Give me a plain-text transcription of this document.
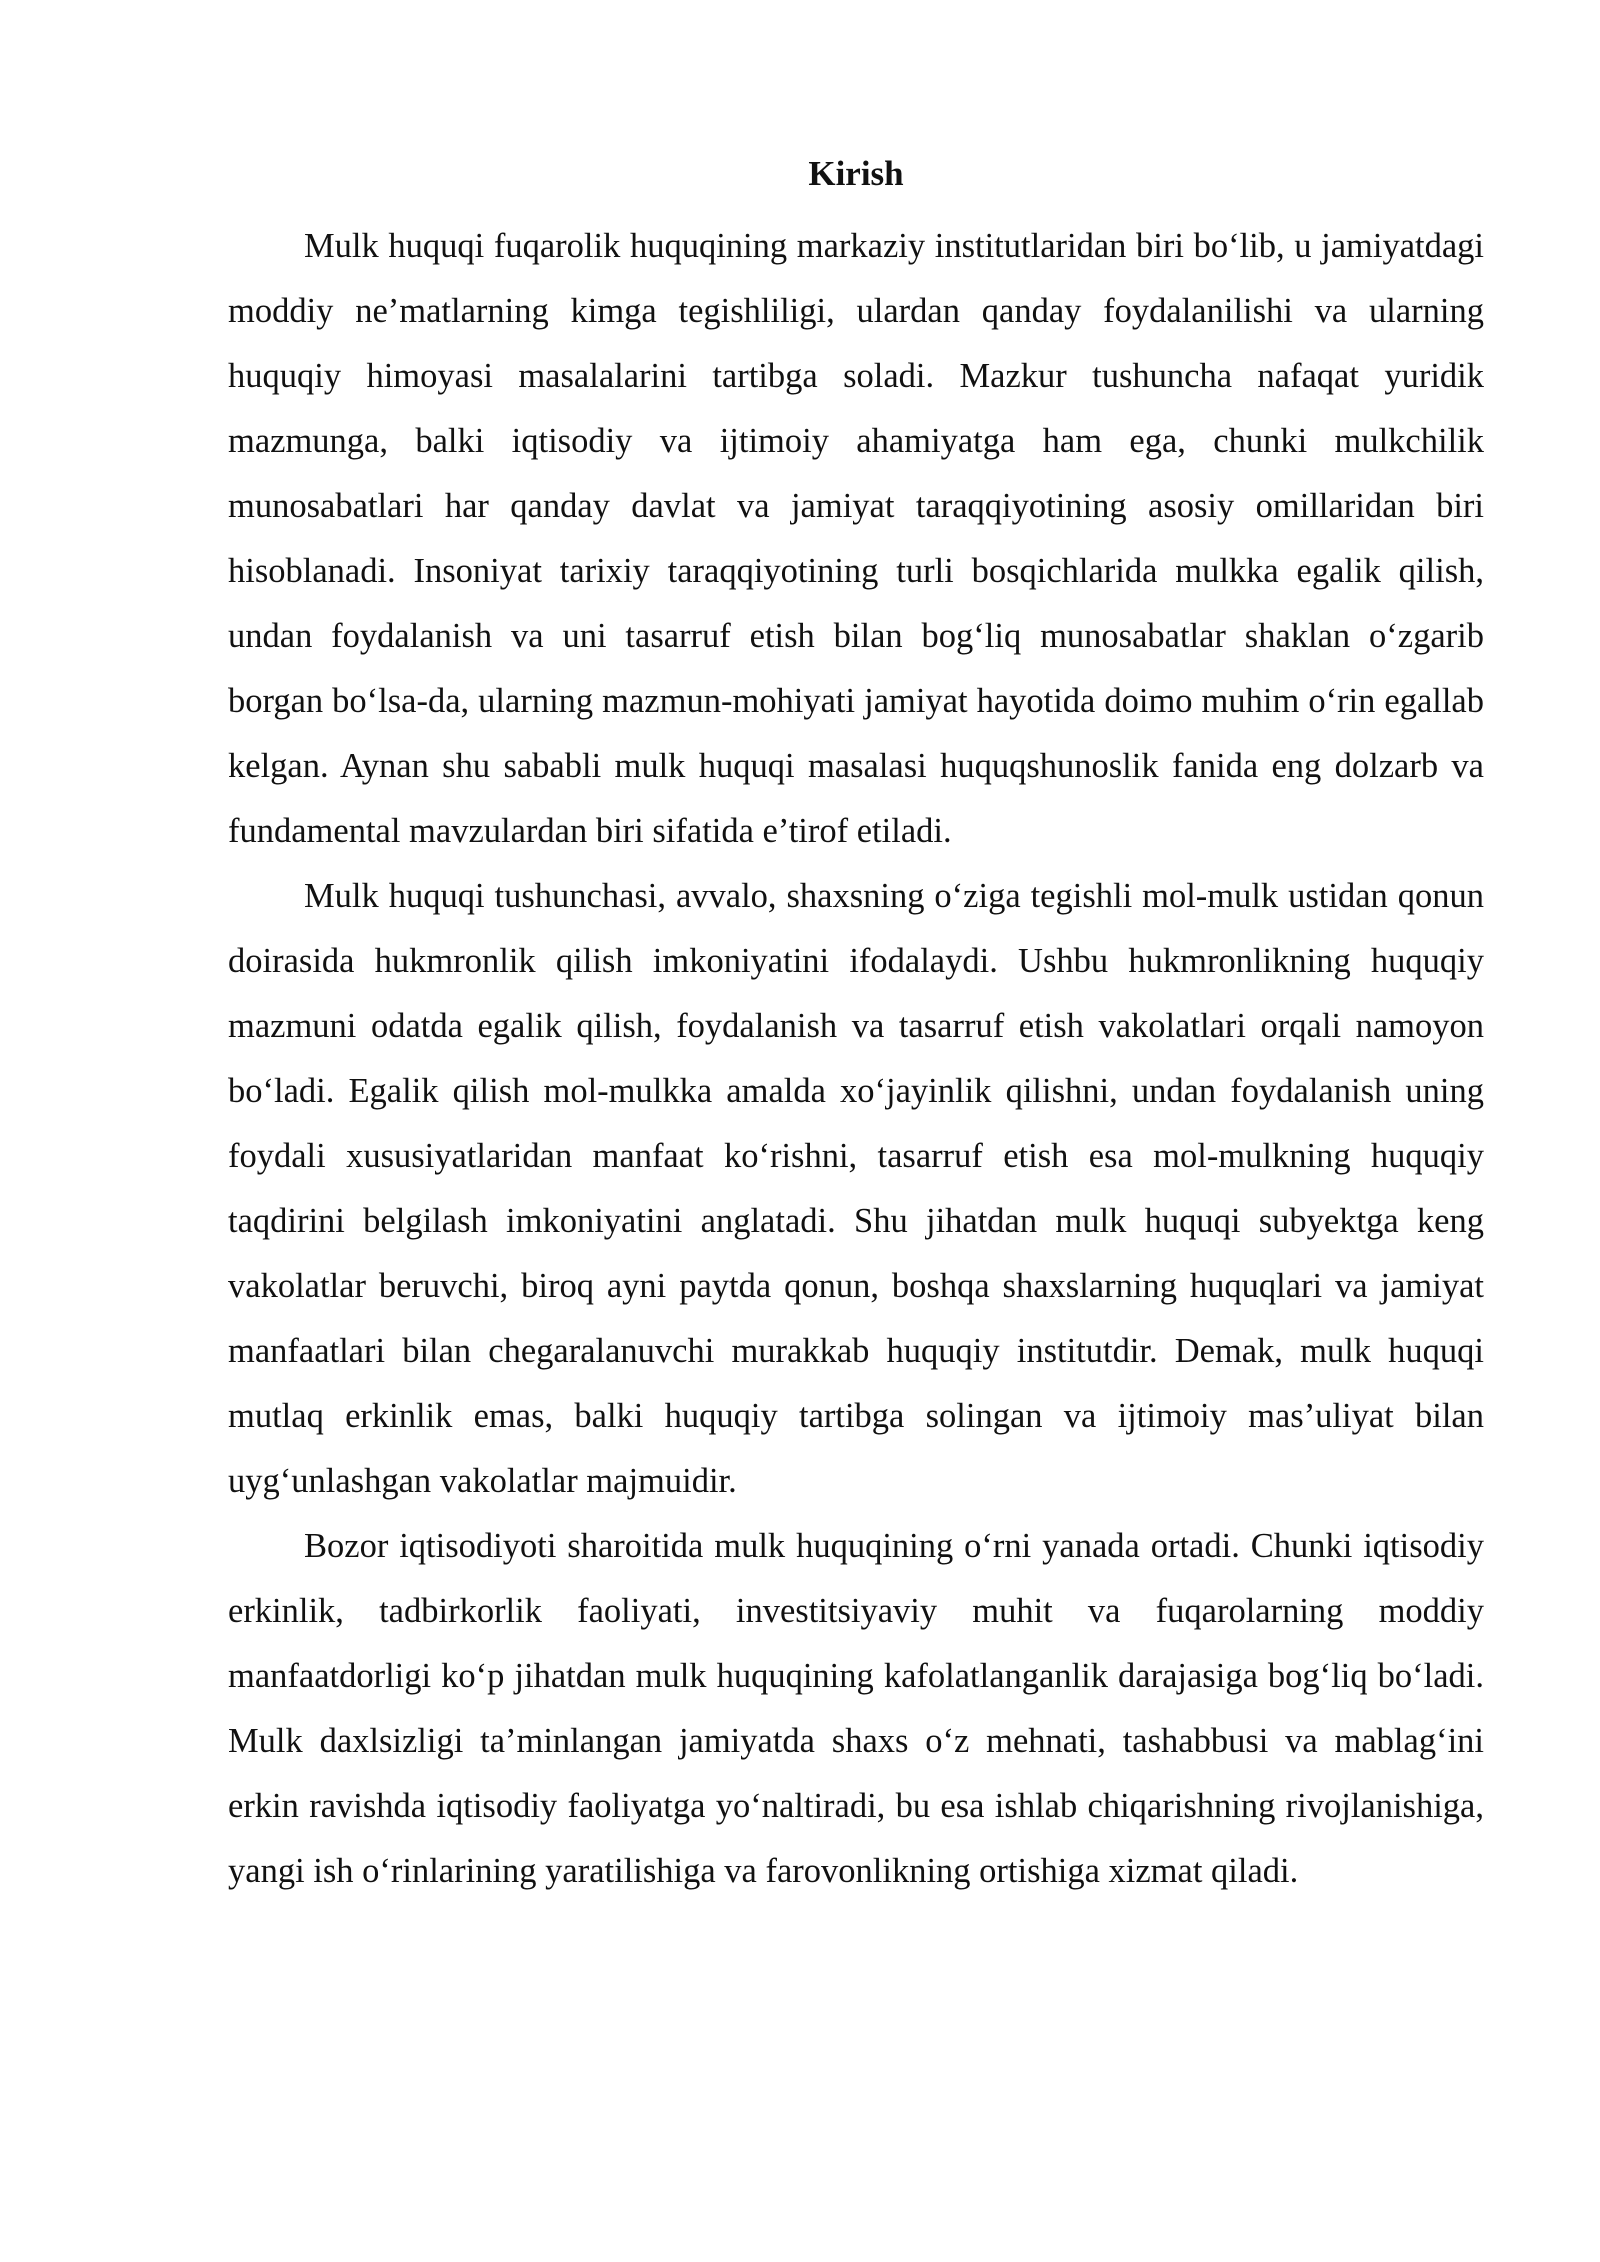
Kirish

Mulk huquqi fuqarolik huquqining markaziy institutlaridan biri bo‘lib, u jamiyatdagi moddiy ne’matlarning kimga tegishliligi, ulardan qanday foydalanilishi va ularning huquqiy himoyasi masalalarini tartibga soladi. Mazkur tushuncha nafaqat yuridik mazmunga, balki iqtisodiy va ijtimoiy ahamiyatga ham ega, chunki mulkchilik munosabatlari har qanday davlat va jamiyat taraqqiyotining asosiy omillaridan biri hisoblanadi. Insoniyat tarixiy taraqqiyotining turli bosqichlarida mulkka egalik qilish, undan foydalanish va uni tasarruf etish bilan bog‘liq munosabatlar shaklan o‘zgarib borgan bo‘lsa-da, ularning mazmun-mohiyati jamiyat hayotida doimo muhim o‘rin egallab kelgan. Aynan shu sababli mulk huquqi masalasi huquqshunoslik fanida eng dolzarb va fundamental mavzulardan biri sifatida e’tirof etiladi.

Mulk huquqi tushunchasi, avvalo, shaxsning o‘ziga tegishli mol-mulk ustidan qonun doirasida hukmronlik qilish imkoniyatini ifodalaydi. Ushbu hukmronlikning huquqiy mazmuni odatda egalik qilish, foydalanish va tasarruf etish vakolatlari orqali namoyon bo‘ladi. Egalik qilish mol-mulkka amalda xo‘jayinlik qilishni, undan foydalanish uning foydali xususiyatlaridan manfaat ko‘rishni, tasarruf etish esa mol-mulkning huquqiy taqdirini belgilash imkoniyatini anglatadi. Shu jihatdan mulk huquqi subyektga keng vakolatlar beruvchi, biroq ayni paytda qonun, boshqa shaxslarning huquqlari va jamiyat manfaatlari bilan chegaralanuvchi murakkab huquqiy institutdir. Demak, mulk huquqi mutlaq erkinlik emas, balki huquqiy tartibga solingan va ijtimoiy mas’uliyat bilan uyg‘unlashgan vakolatlar majmuidir.

Bozor iqtisodiyoti sharoitida mulk huquqining o‘rni yanada ortadi. Chunki iqtisodiy erkinlik, tadbirkorlik faoliyati, investitsiyaviy muhit va fuqarolarning moddiy manfaatdorligi ko‘p jihatdan mulk huquqining kafolatlanganlik darajasiga bog‘liq bo‘ladi. Mulk daxlsizligi ta’minlangan jamiyatda shaxs o‘z mehnati, tashabbusi va mablag‘ini erkin ravishda iqtisodiy faoliyatga yo‘naltiradi, bu esa ishlab chiqarishning rivojlanishiga, yangi ish o‘rinlarining yaratilishiga va farovonlikning ortishiga xizmat qiladi.
